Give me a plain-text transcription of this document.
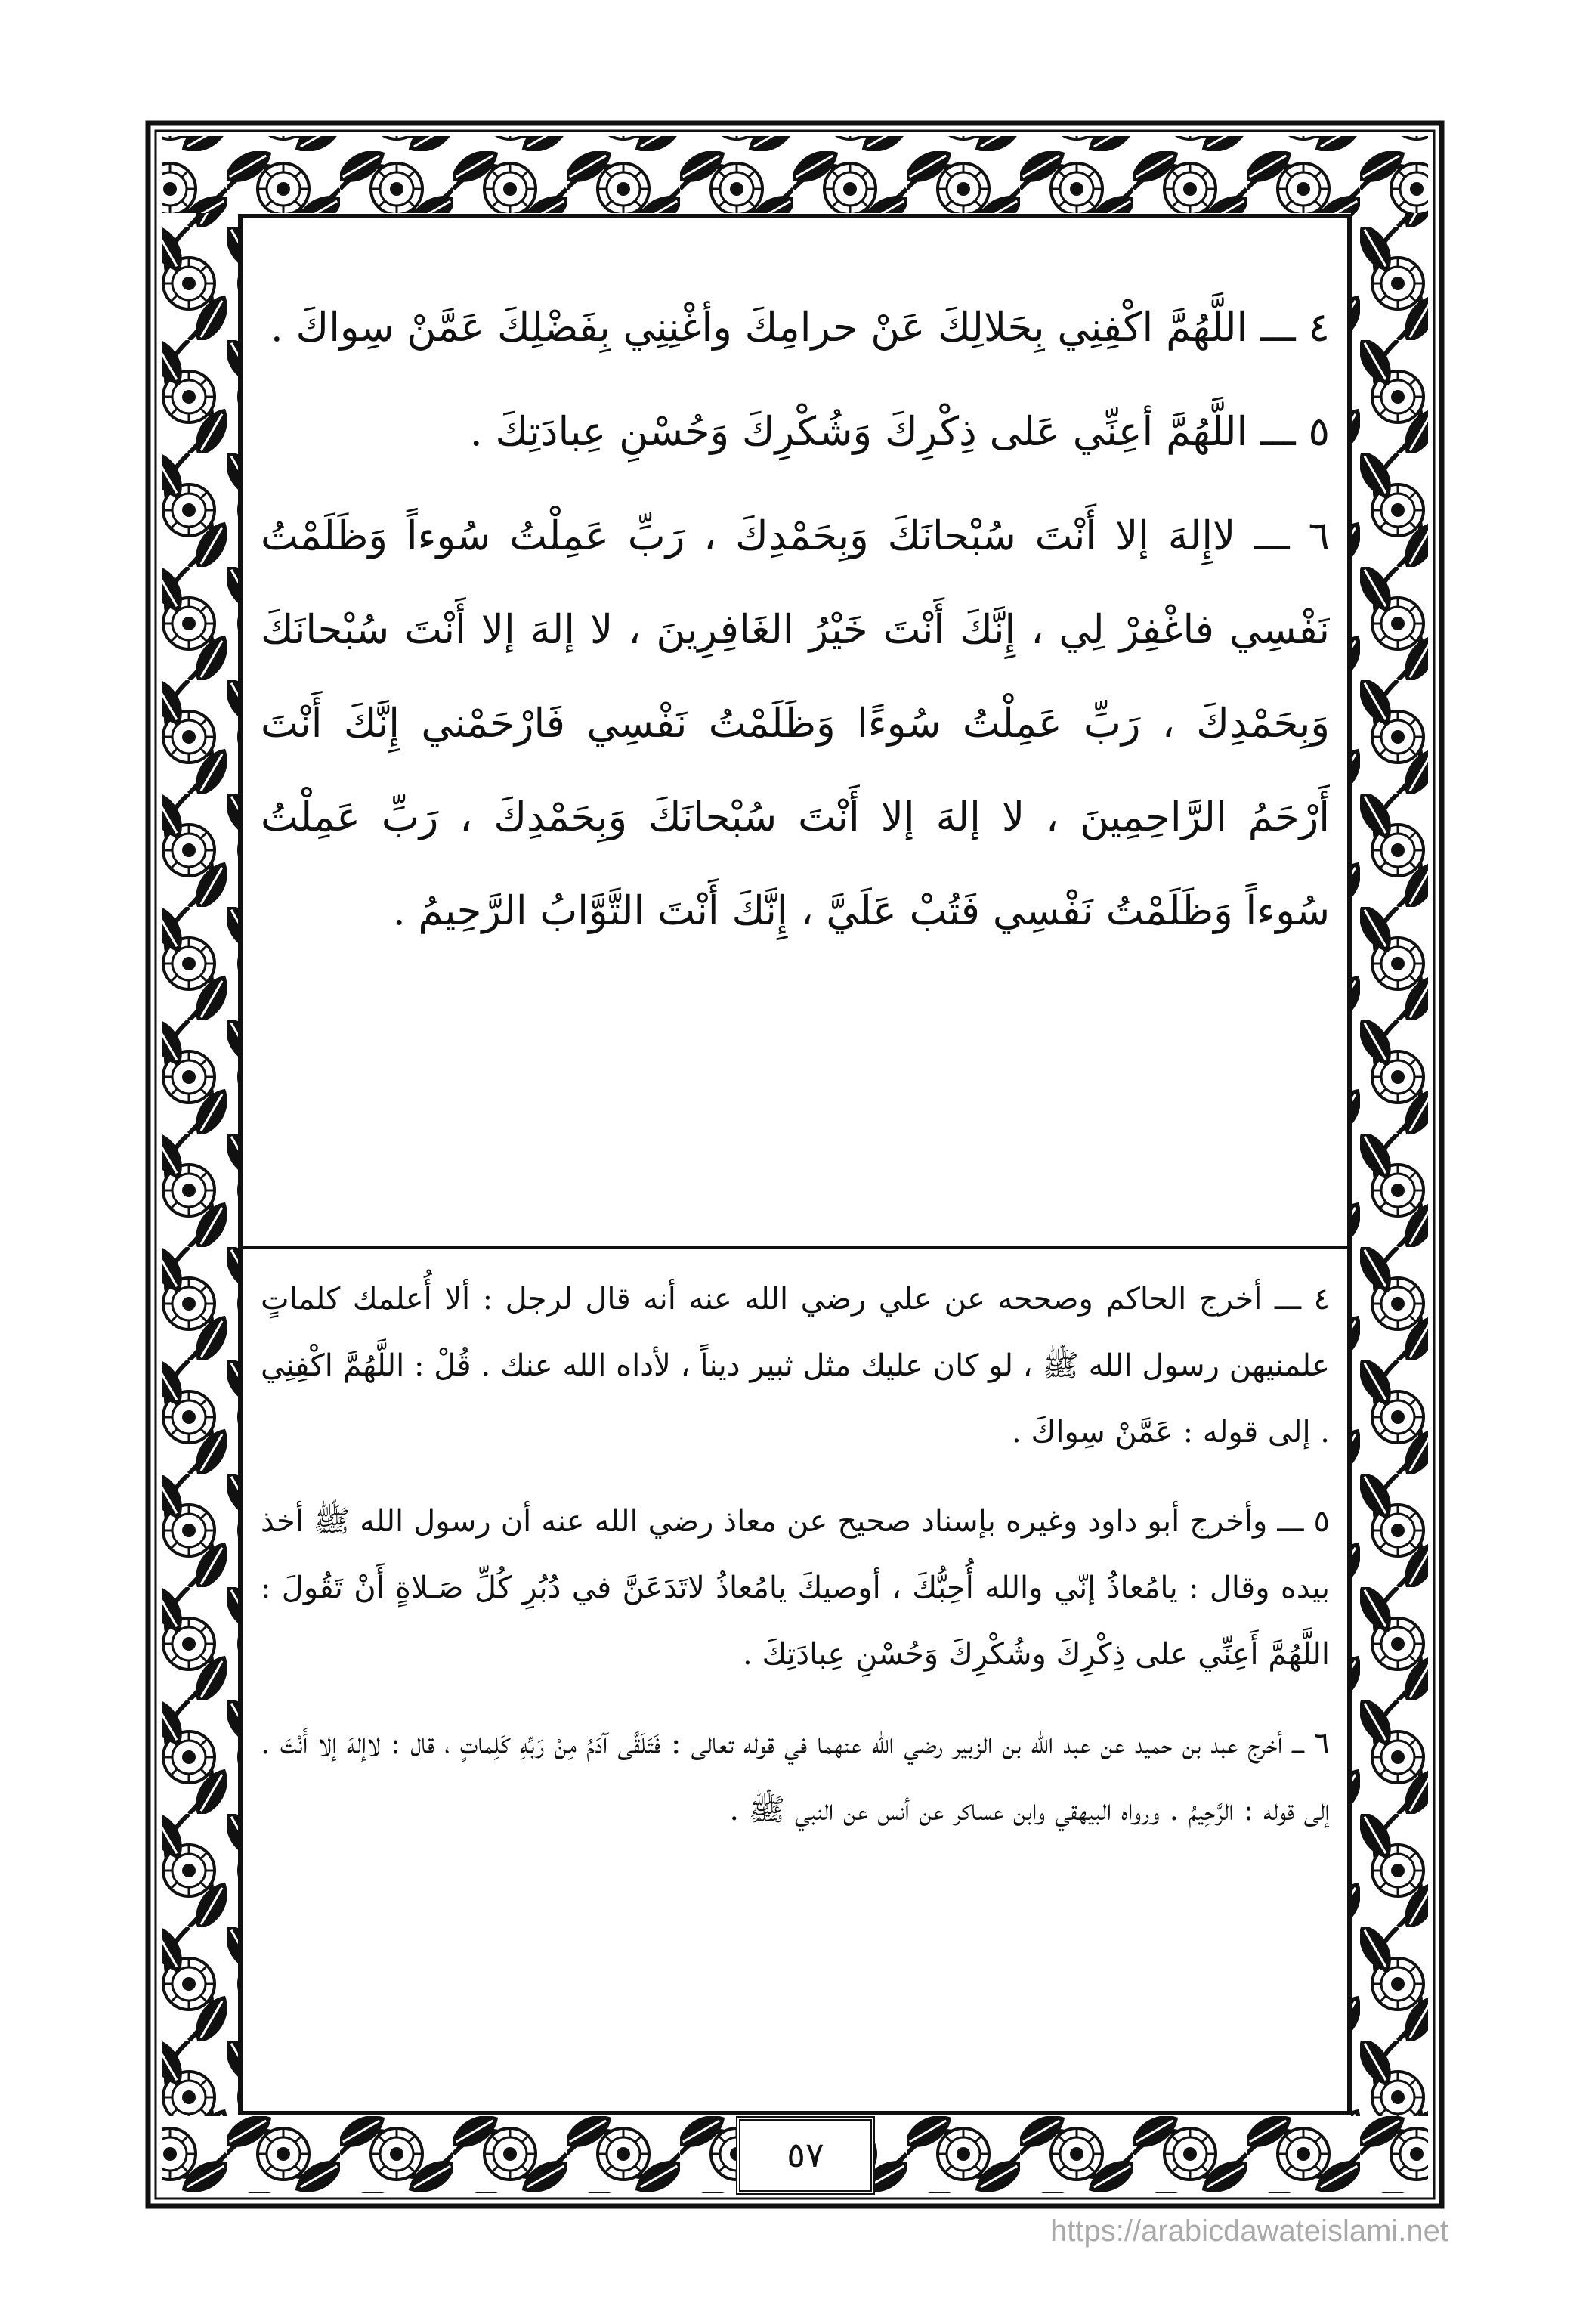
٤ ـــ اللَّهُمَّ اكْفِنِي بِحَلالِكَ عَنْ حرامِكَ وأغْنِنِي بِفَضْلِكَ عَمَّنْ سِواكَ .

٥ ـــ اللَّهُمَّ أعِنِّي عَلى ذِكْرِكَ وَشُكْرِكَ وَحُسْنِ عِبادَتِكَ .

٦ ـــ لاإِلهَ إلا أَنْتَ سُبْحانَكَ وَبِحَمْدِكَ ، رَبِّ عَمِلْتُ سُوءاً وَظَلَمْتُ نَفْسِي فاغْفِرْ لِي ، إِنَّكَ أَنْتَ خَيْرُ الغَافِرِينَ ، لا إلهَ إلا أَنْتَ سُبْحانَكَ وَبِحَمْدِكَ ، رَبِّ عَمِلْتُ سُوءًا وَظَلَمْتُ نَفْسِي فَارْحَمْني إِنَّكَ أَنْتَ أَرْحَمُ الرَّاحِمِينَ ، لا إلهَ إلا أَنْتَ سُبْحانَكَ وَبِحَمْدِكَ ، رَبِّ عَمِلْتُ سُوءاً وَظَلَمْتُ نَفْسِي فَتُبْ عَلَيَّ ، إِنَّكَ أَنْتَ التَّوَّابُ الرَّحِيمُ .

٤ ـــ أخرج الحاكم وصححه عن علي رضي الله عنه أنه قال لرجل : ألا أُعلمك كلماتٍ علمنيهن رسول الله ﷺ ، لو كان عليك مثل ثبير ديناً ، لأداه الله عنك . قُلْ : اللَّهُمَّ اكْفِنِي . إلى قوله : عَمَّنْ سِواكَ .

٥ ـــ وأخرج أبو داود وغيره بإسناد صحيح عن معاذ رضي الله عنه أن رسول الله ﷺ أخذ بيده وقال : يامُعاذُ إنّي والله أُحِبُّكَ ، أوصيكَ يامُعاذُ لاتَدَعَنَّ في دُبُرِ كُلِّ صَـلاةٍ أَنْ تَقُولَ : اللَّهُمَّ أَعِنِّي على ذِكْرِكَ وشُكْرِكَ وَحُسْنِ عِبادَتِكَ .

٦ ـــ أخرج عبد بن حميد عن عبد الله بن الزبير رضي الله عنهما في قوله تعالى : فَتَلَقَّى آدَمُ مِنْ رَبِّهِ كَلِماتٍ ، قال : لاإلهَ إلا أَنْتَ . إلى قوله : الرَّحِيمُ . ورواه البيهقي وابن عساكر عن أنس عن النبي ﷺ .

٥٧
https://arabicdawateislami.net
